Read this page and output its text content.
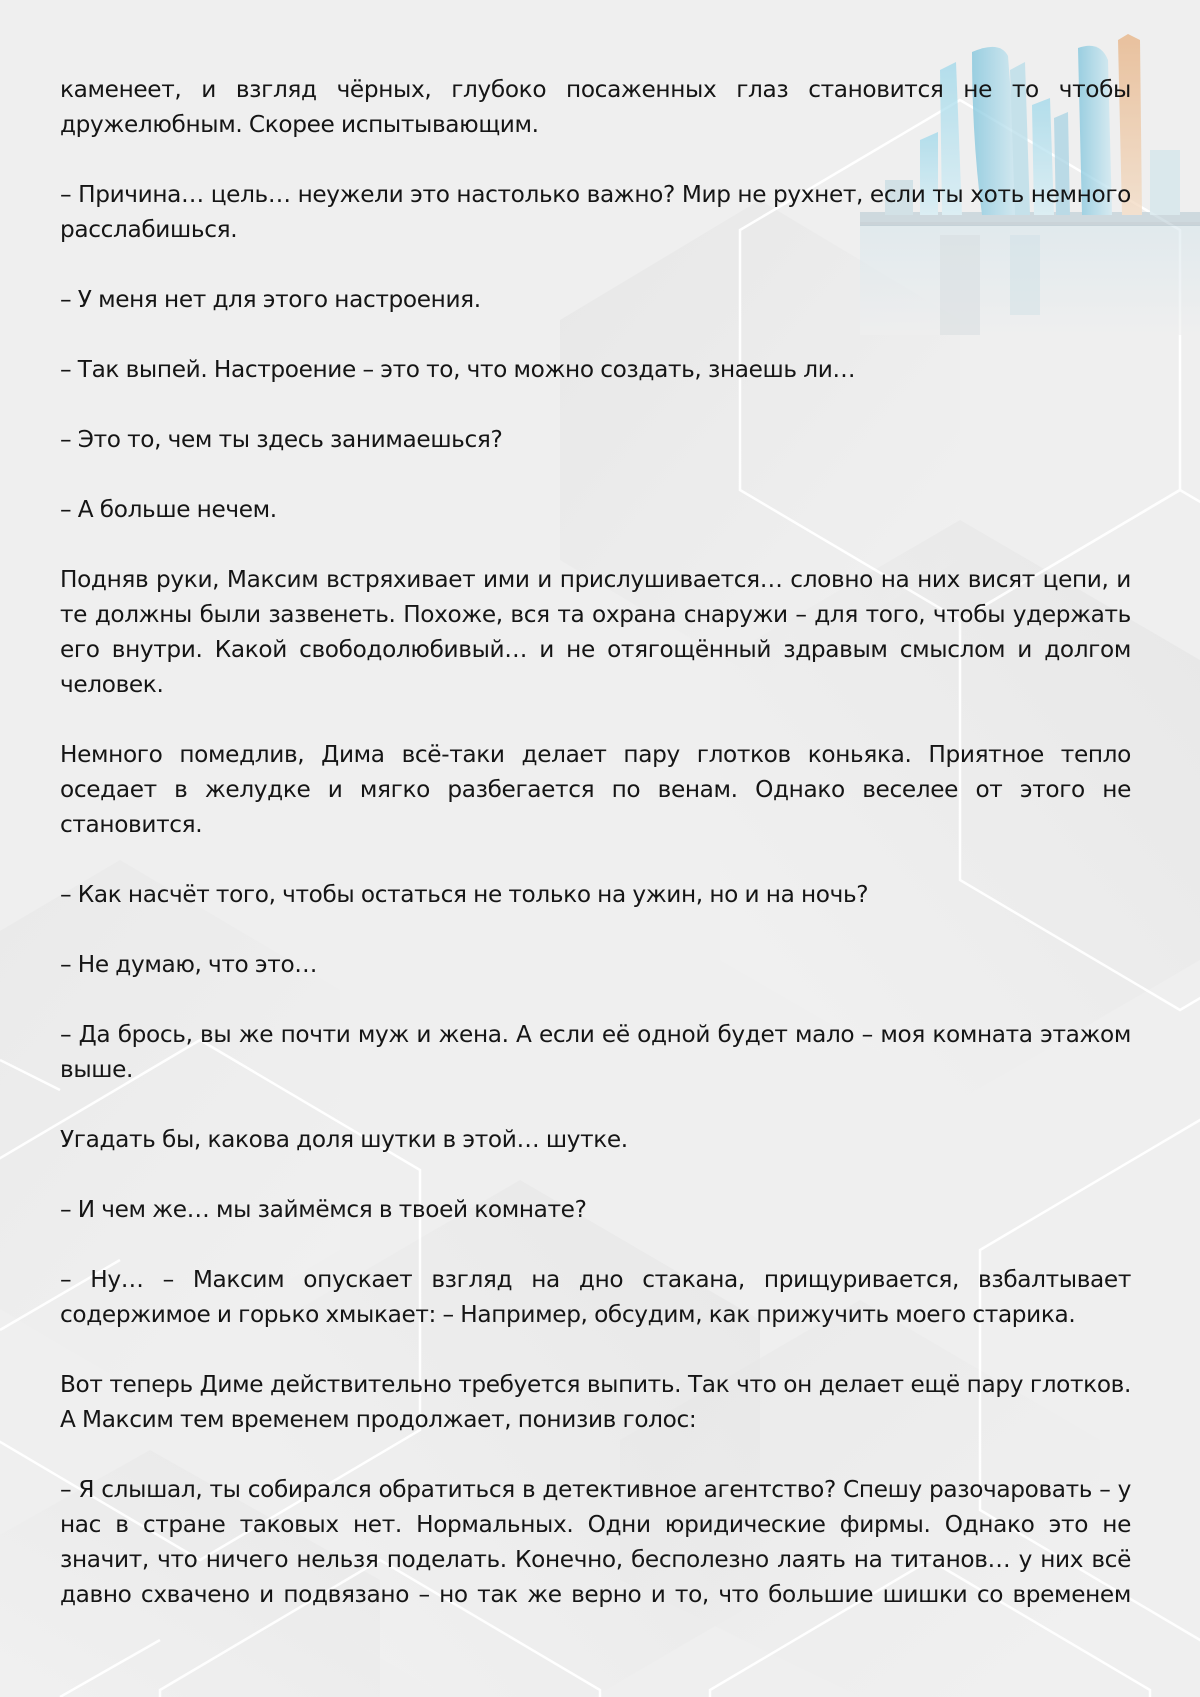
каменеет, и взгляд чёрных, глубоко посаженных глаз становится не то чтобы дружелюбным. Скорее испытывающим.

– Причина… цель… неужели это настолько важно? Мир не рухнет, если ты хоть немного расслабишься.

– У меня нет для этого настроения.

– Так выпей. Настроение – это то, что можно создать, знаешь ли…

– Это то, чем ты здесь занимаешься?

– А больше нечем.

Подняв руки, Максим встряхивает ими и прислушивается… словно на них висят цепи, и те должны были зазвенеть. Похоже, вся та охрана снаружи – для того, чтобы удержать его внутри. Какой свободолюбивый… и не отягощённый здравым смыслом и долгом человек.

Немного помедлив, Дима всё-таки делает пару глотков коньяка. Приятное тепло оседает в желудке и мягко разбегается по венам. Однако веселее от этого не становится.

– Как насчёт того, чтобы остаться не только на ужин, но и на ночь?

– Не думаю, что это…

– Да брось, вы же почти муж и жена. А если её одной будет мало – моя комната этажом выше.

Угадать бы, какова доля шутки в этой… шутке.

– И чем же… мы займёмся в твоей комнате?

– Ну… – Максим опускает взгляд на дно стакана, прищуривается, взбалтывает содержимое и горько хмыкает: – Например, обсудим, как прижучить моего старика.

Вот теперь Диме действительно требуется выпить. Так что он делает ещё пару глотков. А Максим тем временем продолжает, понизив голос:

– Я слышал, ты собирался обратиться в детективное агентство? Спешу разочаровать – у нас в стране таковых нет. Нормальных. Одни юридические фирмы. Однако это не значит, что ничего нельзя поделать. Конечно, бесполезно лаять на титанов… у них всё давно схвачено и подвязано – но так же верно и то, что большие шишки со временем
